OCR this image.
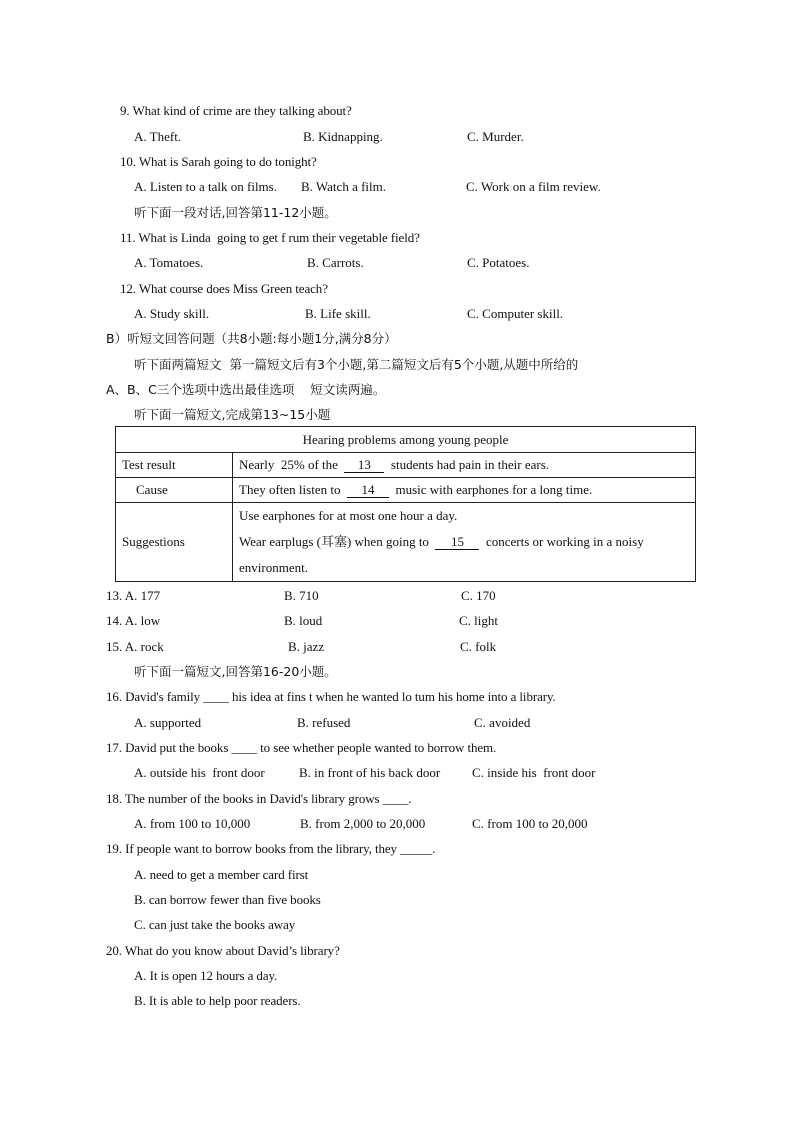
9. What kind of crime are they talking about?
A. Theft.	B. Kidnapping.	C. Murder.
10. What is Sarah going to do tonight?
A. Listen to a talk on films. B. Watch a film.	C. Work on a film review.
听下面一段对话,回答第11-12小题。
11. What is Linda  going to get f rum their vegetable field?
A. Tomatoes.	B. Carrots.	C. Potatoes.
12. What course does Miss Green teach?
A. Study skill.	B. Life skill.	C. Computer skill.
B）听短文回答问题（共8小题:每小题1分,满分8分）
听下面两篇短文  第一篇短文后有3个小题,第二篇短文后有5个小题,从题中所给的
A、B、C三个选项中选出最佳选项    短文读两遍。
听下面一篇短文,完成第13~15小题
Hearing problems among young people	
Test result	Nearly  25% of the  13  students had pain in their ears.
Cause	They often listen to  14  music with earphones for a long time.
Suggestions	Use earphones for at most one hour a day.
Wear earplugs (耳塞) when going to  15  concerts or working in a noisy
environment.
13. A. 177	B. 710	C. 170
14. A. low	B. loud	C. light
15. A. rock	B. jazz	C. folk
听下面一篇短文,回答第16-20小题。
16. David's family ____ his idea at fins t when he wanted lo tum his home into a library.
A. supported	B. refused	C. avoided
17. David put the books ____ to see whether people wanted to borrow them.
A. outside his  front door	B. in front of his back door C. inside his  front door
18. The number of the books in David's library grows ____.
A. from 100 to 10,000	B. from 2,000 to 20,000	C. from 100 to 20,000
19. If people want to borrow books from the library, they _____.
A. need to get a member card first
B. can borrow fewer than five books
C. can just take the books away
20. What do you know about David’s library?
A. It is open 12 hours a day.
B. It is able to help poor readers.
